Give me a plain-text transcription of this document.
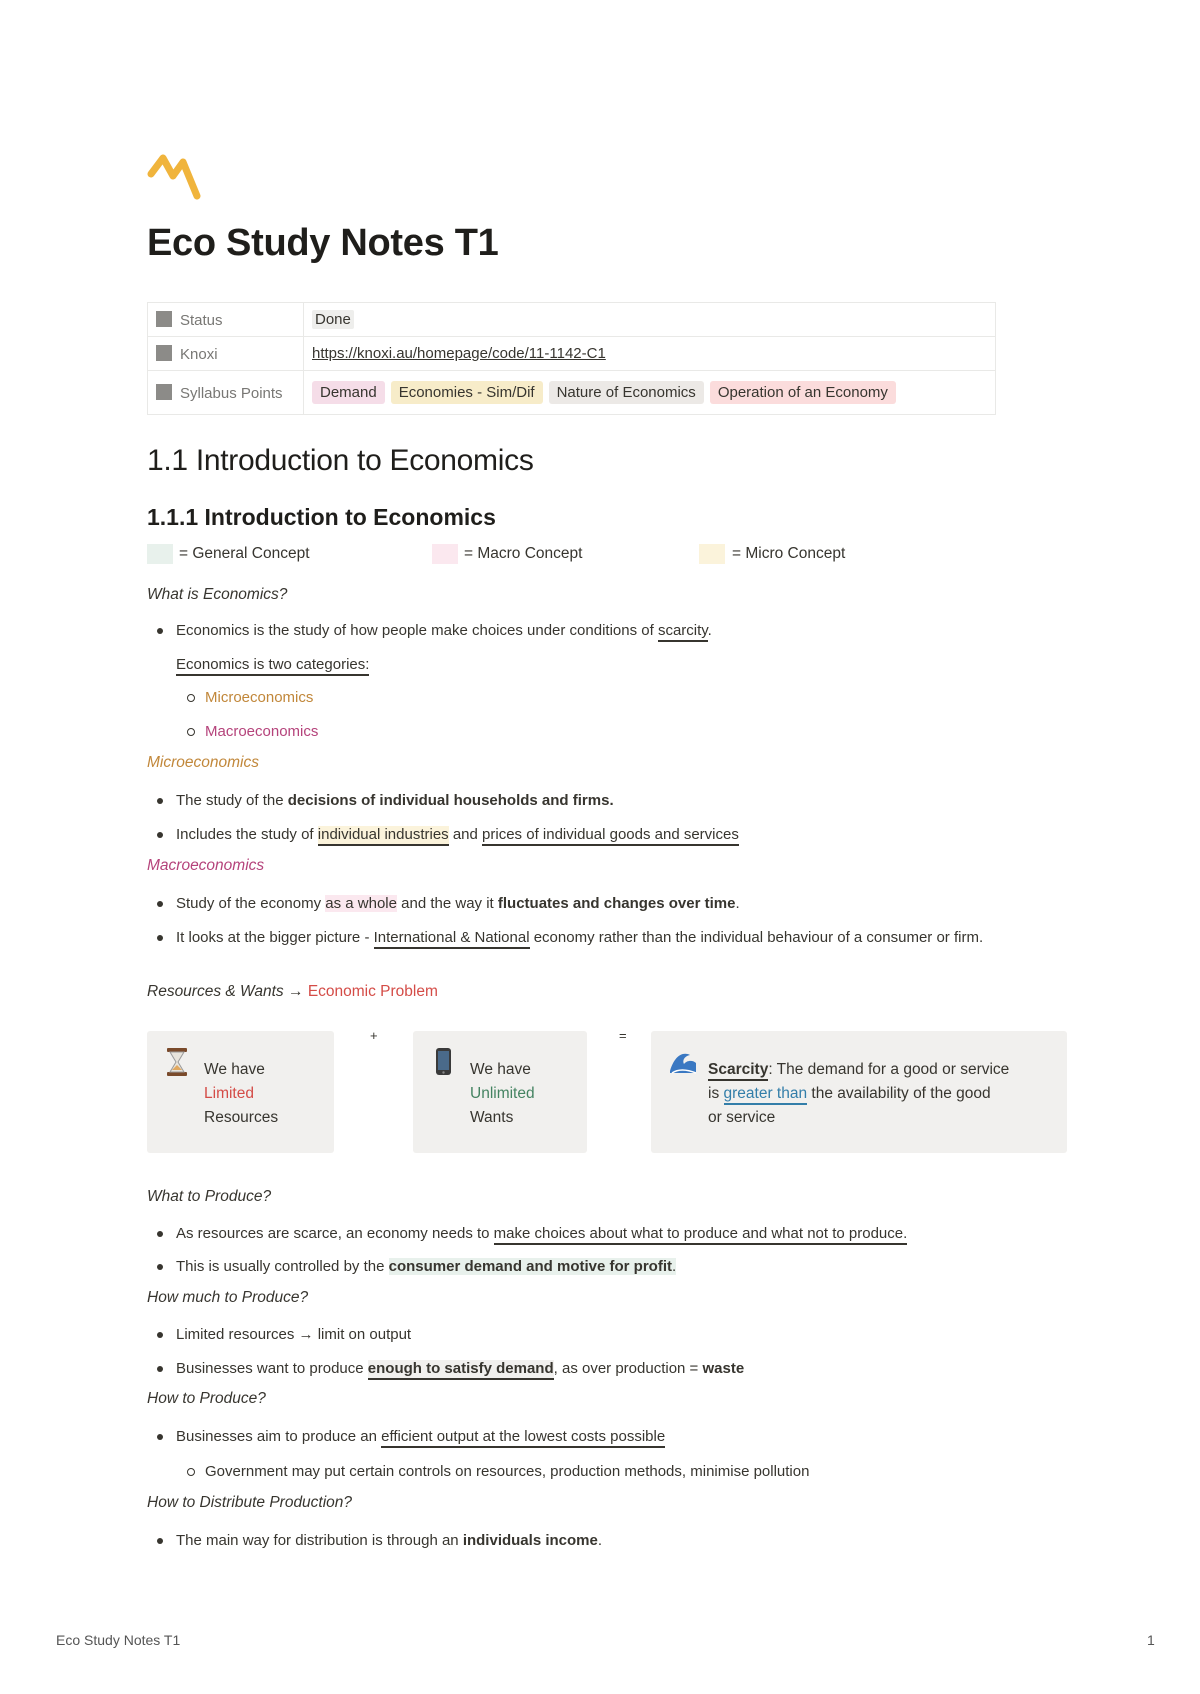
Eco Study Notes T1
Status	Done
Knoxi	https://knoxi.au/homepage/code/11-1142-C1
Syllabus Points	Demand Economies - Sim/Dif Nature of Economics Operation of an Economy
1.1 Introduction to Economics
1.1.1 Introduction to Economics
= General Concept	= Macro Concept	= Micro Concept
What is Economics?
Economics is the study of how people make choices under conditions of scarcity.
Economics is two categories:
Microeconomics
Macroeconomics
Microeconomics
The study of the decisions of individual households and firms.
Includes the study of individual industries and prices of individual goods and services
Macroeconomics
Study of the economy as a whole and the way it fluctuates and changes over time.
It looks at the bigger picture - International & National economy rather than the individual behaviour of a consumer or firm.
Resources & Wants → Economic Problem
+	=
We have
Limited
Resources
We have
Unlimited
Wants
Scarcity: The demand for a good or service
is greater than the availability of the good
or service
What to Produce?
As resources are scarce, an economy needs to make choices about what to produce and what not to produce.
This is usually controlled by the consumer demand and motive for profit.
How much to Produce?
Limited resources → limit on output
Businesses want to produce enough to satisfy demand, as over production = waste
How to Produce?
Businesses aim to produce an efficient output at the lowest costs possible
Government may put certain controls on resources, production methods, minimise pollution
How to Distribute Production?
The main way for distribution is through an individuals income.
Eco Study Notes T1	1
